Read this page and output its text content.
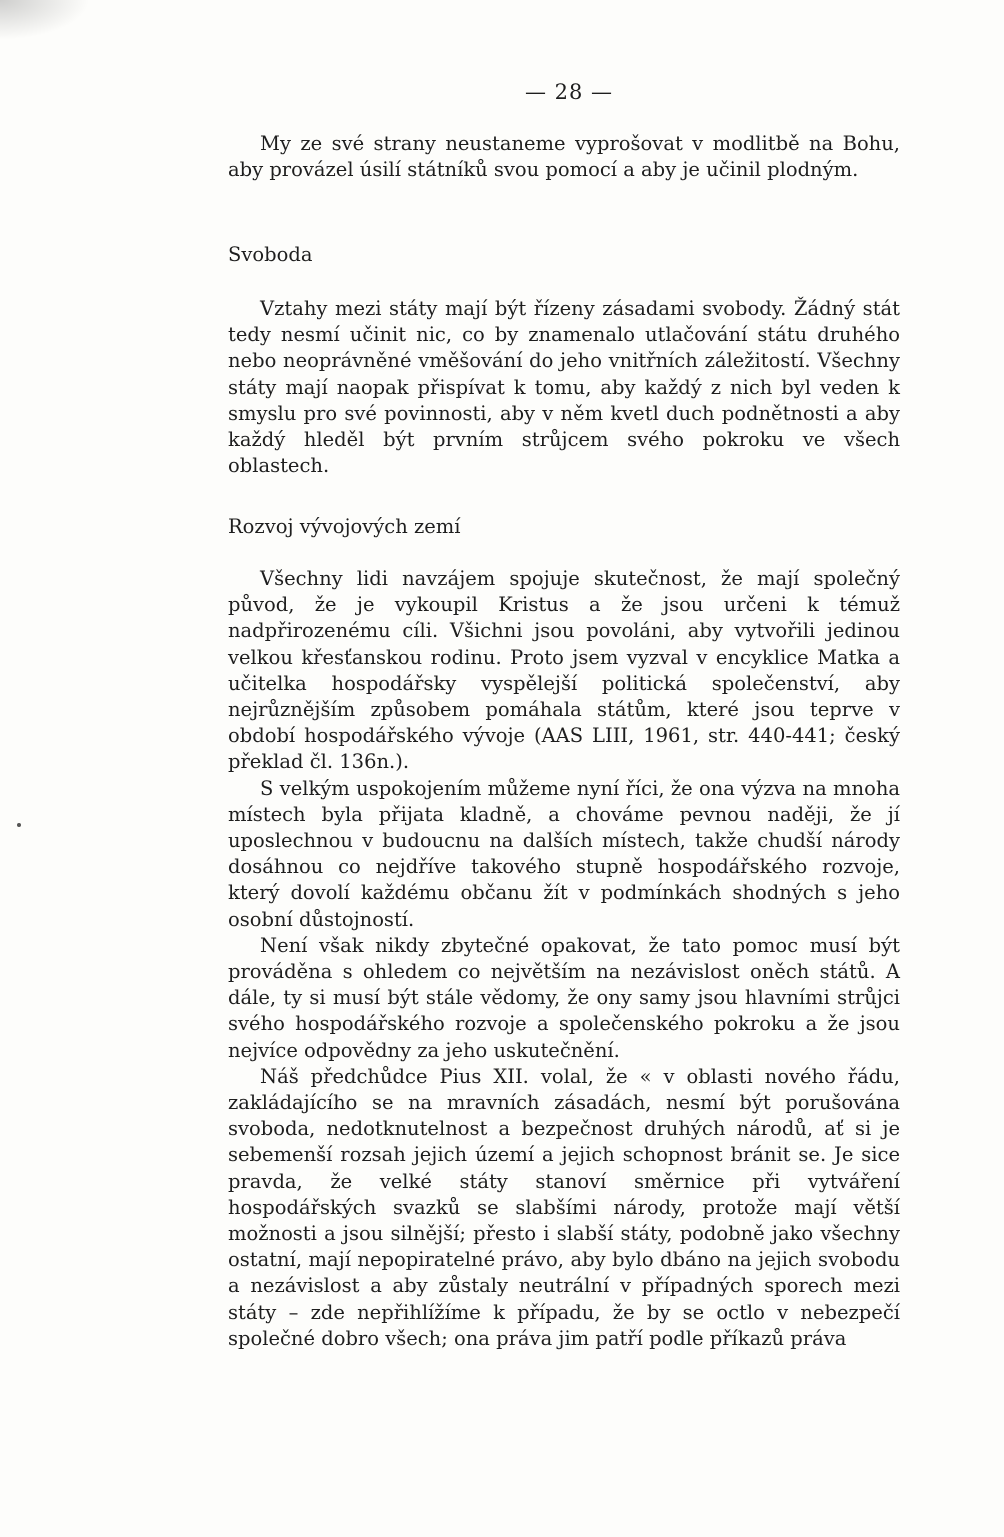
— 28 —

My ze své strany neustaneme vyprošovat v modlitbě na Bohu, aby provázel úsilí státníků svou pomocí a aby je učinil plodným.

Svoboda

Vztahy mezi státy mají být řízeny zásadami svobody. Žádný stát tedy nesmí učinit nic, co by znamenalo utlačování státu druhého nebo neoprávněné vměšování do jeho vnitřních záležitostí. Všechny státy mají naopak přispívat k tomu, aby každý z nich byl veden k smyslu pro své povinnosti, aby v něm kvetl duch podnětnosti a aby každý hleděl být prvním strůjcem svého pokroku ve všech oblastech.

Rozvoj vývojových zemí

Všechny lidi navzájem spojuje skutečnost, že mají společný původ, že je vykoupil Kristus a že jsou určeni k témuž nadpřirozenému cíli. Všichni jsou povoláni, aby vytvořili jedinou velkou křesťanskou rodinu. Proto jsem vyzval v encyklice Matka a učitelka hospodářsky vyspělejší politická společenství, aby nejrůznějším způsobem pomáhala státům, které jsou teprve v období hospodářského vývoje (AAS LIII, 1961, str. 440-441; český překlad čl. 136n.).

S velkým uspokojením můžeme nyní říci, že ona výzva na mnoha místech byla přijata kladně, a chováme pevnou naději, že jí uposlechnou v budoucnu na dalších místech, takže chudší národy dosáhnou co nejdříve takového stupně hospodářského rozvoje, který dovolí každému občanu žít v podmínkách shodných s jeho osobní důstojností.

Není však nikdy zbytečné opakovat, že tato pomoc musí být prováděna s ohledem co největším na nezávislost oněch států. A dále, ty si musí být stále vědomy, že ony samy jsou hlavními strůjci svého hospodářského rozvoje a společenského pokroku a že jsou nejvíce odpovědny za jeho uskutečnění.

Náš předchůdce Pius XII. volal, že « v oblasti nového řádu, zakládajícího se na mravních zásadách, nesmí být porušována svoboda, nedotknutelnost a bezpečnost druhých národů, ať si je sebemenší rozsah jejich území a jejich schopnost bránit se. Je sice pravda, že velké státy stanoví směrnice při vytváření hospodářských svazků se slabšími národy, protože mají větší možnosti a jsou silnější; přesto i slabší státy, podobně jako všechny ostatní, mají nepopiratelné právo, aby bylo dbáno na jejich svobodu a nezávislost a aby zůstaly neutrální v případných sporech mezi státy – zde nepřihlížíme k případu, že by se octlo v nebezpečí společné dobro všech; ona práva jim patří podle příkazů práva
